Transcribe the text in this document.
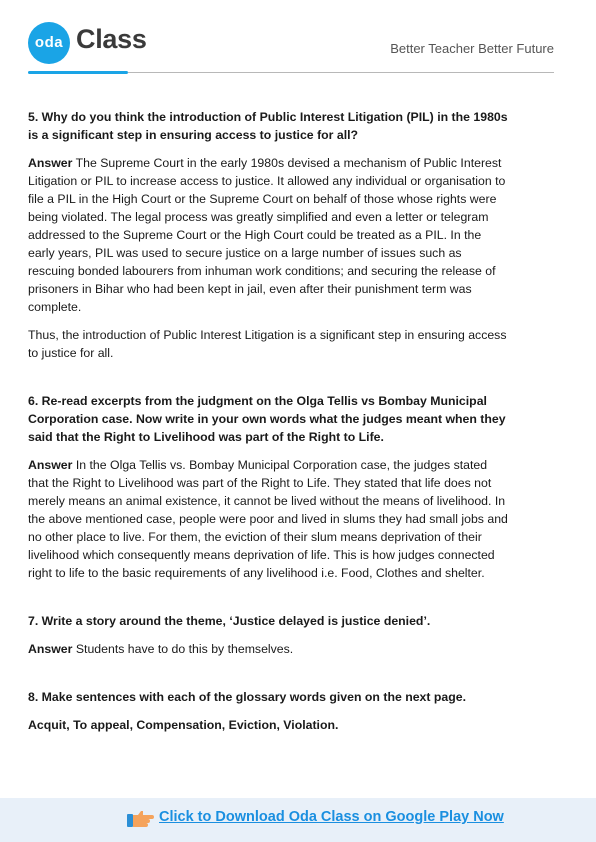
oda Class	Better Teacher Better Future
5. Why do you think the introduction of Public Interest Litigation (PIL) in the 1980s is a significant step in ensuring access to justice for all?
Answer The Supreme Court in the early 1980s devised a mechanism of Public Interest Litigation or PIL to increase access to justice. It allowed any individual or organisation to file a PIL in the High Court or the Supreme Court on behalf of those whose rights were being violated. The legal process was greatly simplified and even a letter or telegram addressed to the Supreme Court or the High Court could be treated as a PIL. In the early years, PIL was used to secure justice on a large number of issues such as rescuing bonded labourers from inhuman work conditions; and securing the release of prisoners in Bihar who had been kept in jail, even after their punishment term was complete.
Thus, the introduction of Public Interest Litigation is a significant step in ensuring access to justice for all.
6. Re-read excerpts from the judgment on the Olga Tellis vs Bombay Municipal Corporation case. Now write in your own words what the judges meant when they said that the Right to Livelihood was part of the Right to Life.
Answer In the Olga Tellis vs. Bombay Municipal Corporation case, the judges stated that the Right to Livelihood was part of the Right to Life. They stated that life does not merely means an animal existence, it cannot be lived without the means of livelihood. In the above mentioned case, people were poor and lived in slums they had small jobs and no other place to live. For them, the eviction of their slum means deprivation of their livelihood which consequently means deprivation of life. This is how judges connected right to life to the basic requirements of any livelihood i.e. Food, Clothes and shelter.
7. Write a story around the theme, ‘Justice delayed is justice denied’.
Answer Students have to do this by themselves.
8. Make sentences with each of the glossary words given on the next page.
Acquit, To appeal, Compensation, Eviction, Violation.
Click to Download Oda Class on Google Play Now
